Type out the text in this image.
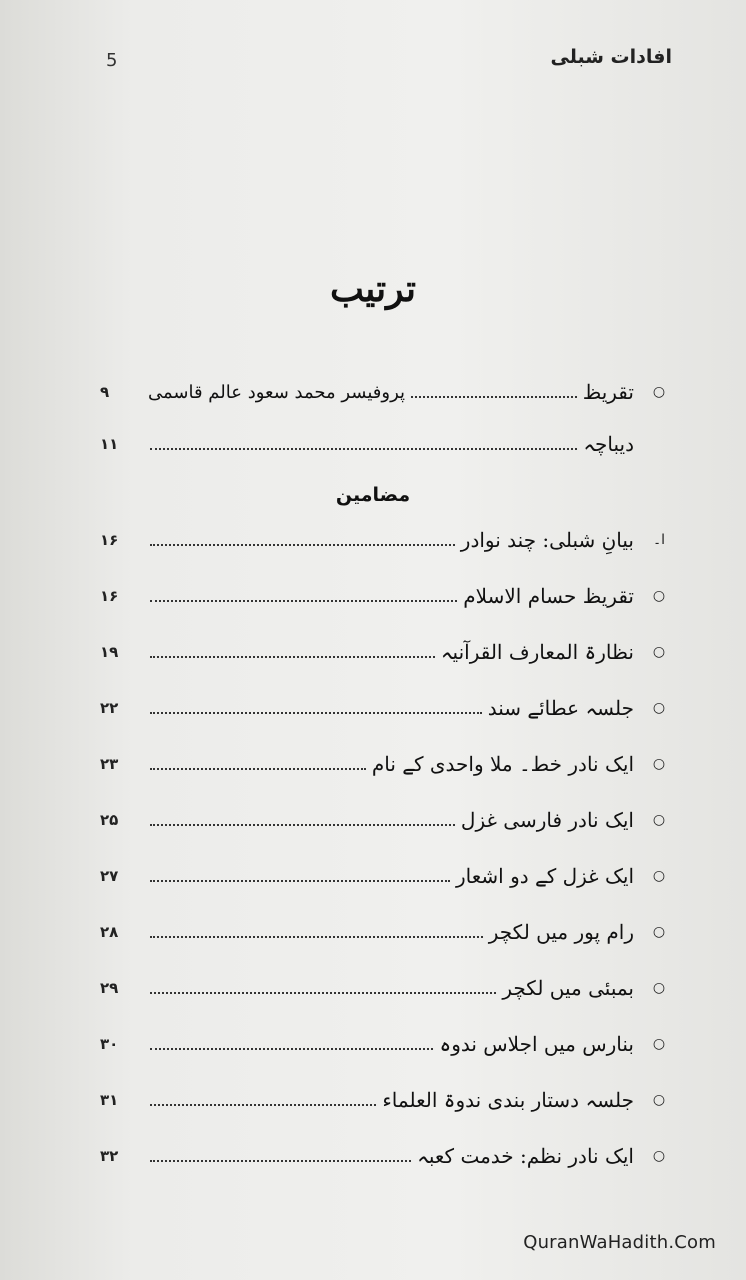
5	افادات شبلی
ترتیب
○
تقریظ
پروفیسر محمد سعود عالم قاسمی
۹
دیباچہ
۱۱
مضامین
ا۔
بیانِ شبلی: چند نوادر
۱۶
○
تقریظ حسام الاسلام
۱۶
○
نظارۃ المعارف القرآنیہ
۱۹
○
جلسہ عطائے سند
۲۲
○
ایک نادر خط۔ ملا واحدی کے نام
۲۳
○
ایک نادر فارسی غزل
۲۵
○
ایک غزل کے دو اشعار
۲۷
○
رام پور میں لکچر
۲۸
○
بمبئی میں لکچر
۲۹
○
بنارس میں اجلاس ندوہ
۳۰
○
جلسہ دستار بندی ندوۃ العلماء
۳۱
○
ایک نادر نظم: خدمت کعبہ
۳۲
QuranWaHadith.Com
